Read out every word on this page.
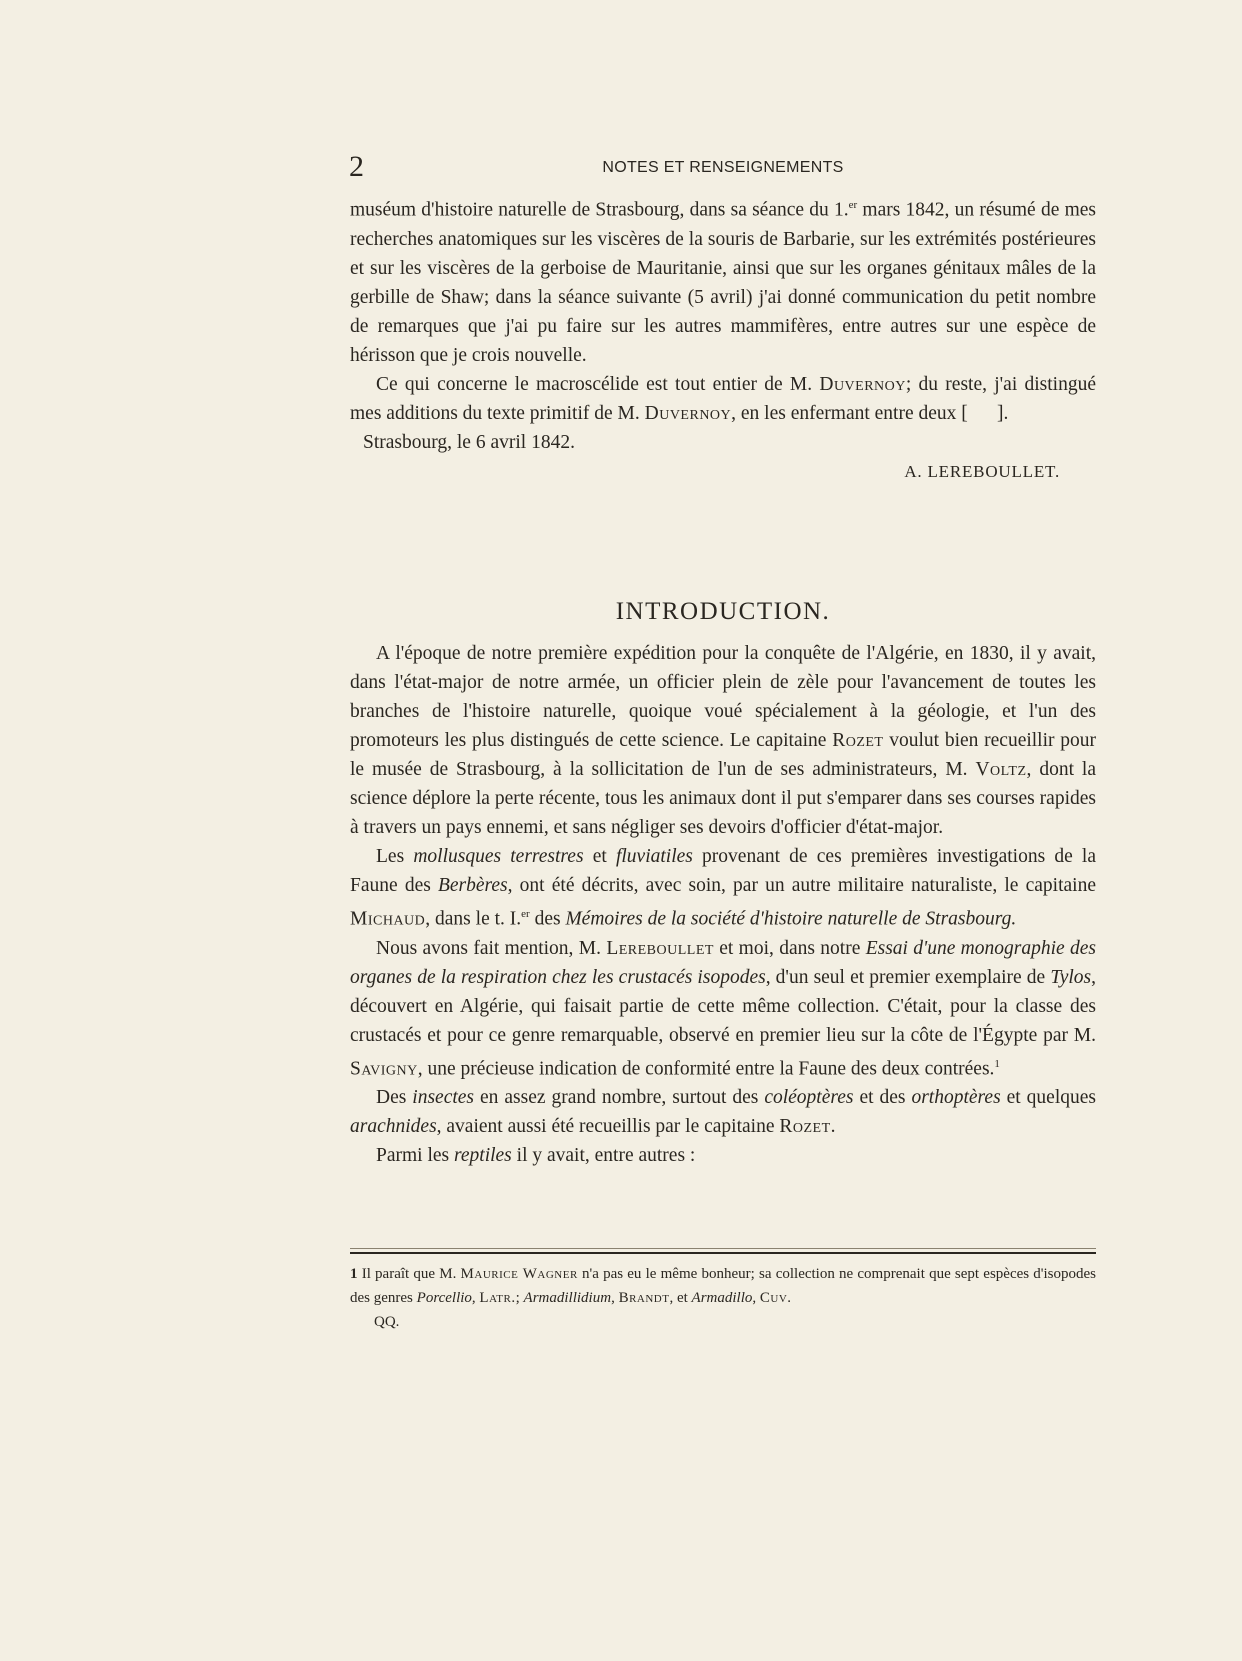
2	NOTES ET RENSEIGNEMENTS

muséum d'histoire naturelle de Strasbourg, dans sa séance du 1.$^{er}$ mars 1842, un résumé de mes recherches anatomiques sur les viscères de la souris de Barbarie, sur les extrémités postérieures et sur les viscères de la gerboise de Mauritanie, ainsi que sur les organes génitaux mâles de la gerbille de Shaw; dans la séance suivante (5 avril) j'ai donné communication du petit nombre de remarques que j'ai pu faire sur les autres mammifères, entre autres sur une espèce de hérisson que je crois nouvelle.

Ce qui concerne le macroscélide est tout entier de M. Duvernoy; du reste, j'ai distingué mes additions du texte primitif de M. Duvernoy, en les enfermant entre deux [      ].

Strasbourg, le 6 avril 1842.

A. LEREBOULLET.

INTRODUCTION.

A l'époque de notre première expédition pour la conquête de l'Algérie, en 1830, il y avait, dans l'état-major de notre armée, un officier plein de zèle pour l'avancement de toutes les branches de l'histoire naturelle, quoique voué spécialement à la géologie, et l'un des promoteurs les plus distingués de cette science. Le capitaine Rozet voulut bien recueillir pour le musée de Strasbourg, à la sollicitation de l'un de ses administrateurs, M. Voltz, dont la science déplore la perte récente, tous les animaux dont il put s'emparer dans ses courses rapides à travers un pays ennemi, et sans négliger ses devoirs d'officier d'état-major.

Les mollusques terrestres et fluviatiles provenant de ces premières investigations de la Faune des Berbères, ont été décrits, avec soin, par un autre militaire naturaliste, le capitaine Michaud, dans le t. I.$^{er}$ des Mémoires de la société d'histoire naturelle de Strasbourg.

Nous avons fait mention, M. Lereboullet et moi, dans notre Essai d'une monographie des organes de la respiration chez les crustacés isopodes, d'un seul et premier exemplaire de Tylos, découvert en Algérie, qui faisait partie de cette même collection. C'était, pour la classe des crustacés et pour ce genre remarquable, observé en premier lieu sur la côte de l'Égypte par M. Savigny, une précieuse indication de conformité entre la Faune des deux contrées.$^1$

Des insectes en assez grand nombre, surtout des coléoptères et des orthoptères et quelques arachnides, avaient aussi été recueillis par le capitaine Rozet.

Parmi les reptiles il y avait, entre autres :

1 Il paraît que M. Maurice Wagner n'a pas eu le même bonheur; sa collection ne comprenait que sept espèces d'isopodes des genres Porcellio, Latr.; Armadillidium, Brandt, et Armadillo, Cuv.

QQ.
